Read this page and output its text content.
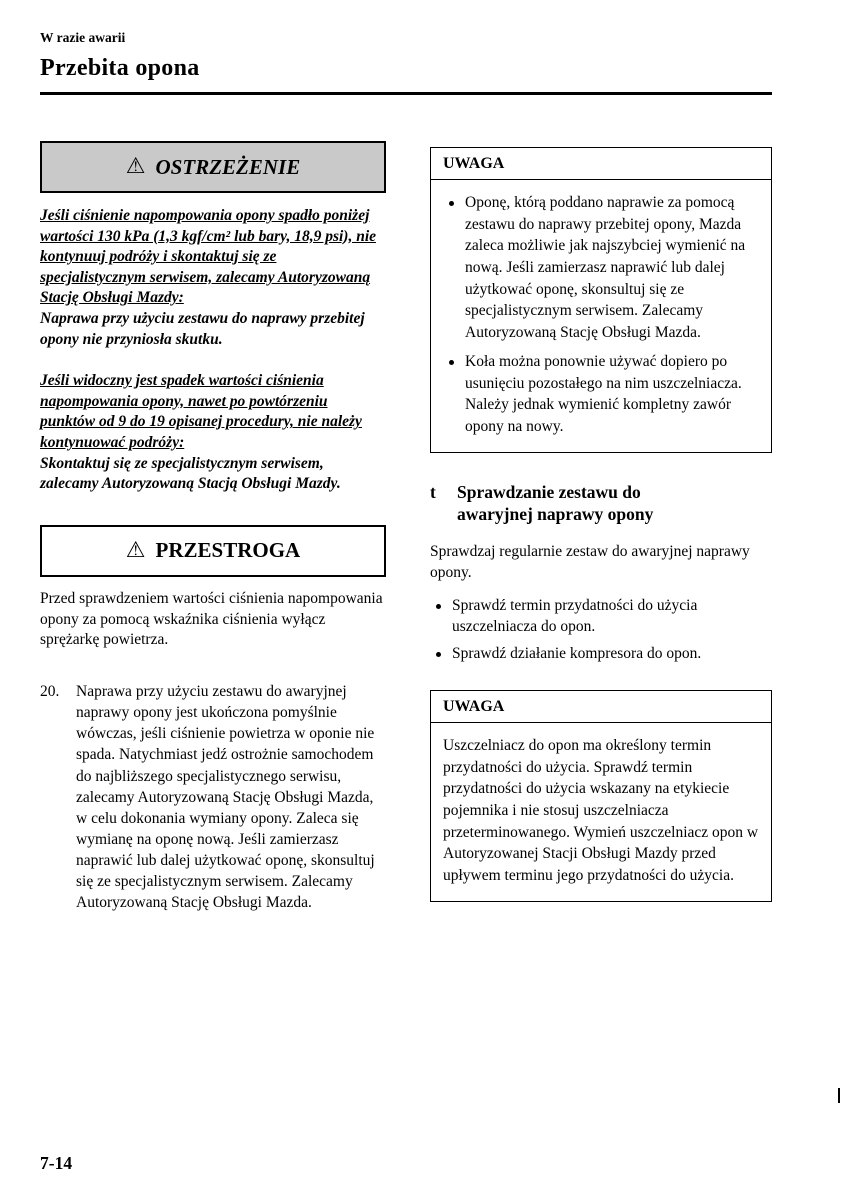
W razie awarii
Przebita opona
⚠ OSTRZEŻENIE

Jeśli ciśnienie napompowania opony spadło poniżej wartości 130 kPa (1,3 kgf/cm² lub bary, 18,9 psi), nie kontynuuj podróży i skontaktuj się ze specjalistycznym serwisem, zalecamy Autoryzowaną Stację Obsługi Mazdy:
Naprawa przy użyciu zestawu do naprawy przebitej opony nie przyniosła skutku.

Jeśli widoczny jest spadek wartości ciśnienia napompowania opony, nawet po powtórzeniu punktów od 9 do 19 opisanej procedury, nie należy kontynuować podróży:
Skontaktuj się ze specjalistycznym serwisem, zalecamy Autoryzowaną Stacją Obsługi Mazdy.

⚠ PRZESTROGA
Przed sprawdzeniem wartości ciśnienia napompowania opony za pomocą wskaźnika ciśnienia wyłącz sprężarkę powietrza.
20.	Naprawa przy użyciu zestawu do awaryjnej naprawy opony jest ukończona pomyślnie wówczas, jeśli ciśnienie powietrza w oponie nie spada. Natychmiast jedź ostrożnie samochodem do najbliższego specjalistycznego serwisu, zalecamy Autoryzowaną Stację Obsługi Mazda, w celu dokonania wymiany opony. Zaleca się wymianę na oponę nową. Jeśli zamierzasz naprawić lub dalej użytkować oponę, skonsultuj się ze specjalistycznym serwisem. Zalecamy Autoryzowaną Stację Obsługi Mazda.
UWAGA
Oponę, którą poddano naprawie za pomocą zestawu do naprawy przebitej opony, Mazda zaleca możliwie jak najszybciej wymienić na nową. Jeśli zamierzasz naprawić lub dalej użytkować oponę, skonsultuj się ze specjalistycznym serwisem. Zalecamy Autoryzowaną Stację Obsługi Mazda.
Koła można ponownie używać dopiero po usunięciu pozostałego na nim uszczelniacza. Należy jednak wymienić kompletny zawór opony na nowy.
t	Sprawdzanie zestawu do awaryjnej naprawy opony
Sprawdzaj regularnie zestaw do awaryjnej naprawy opony.
Sprawdź termin przydatności do użycia uszczelniacza do opon.
Sprawdź działanie kompresora do opon.
UWAGA
Uszczelniacz do opon ma określony termin przydatności do użycia. Sprawdź termin przydatności do użycia wskazany na etykiecie pojemnika i nie stosuj uszczelniacza przeterminowanego. Wymień uszczelniacz opon w Autoryzowanej Stacji Obsługi Mazdy przed upływem terminu jego przydatności do użycia.
7-14
